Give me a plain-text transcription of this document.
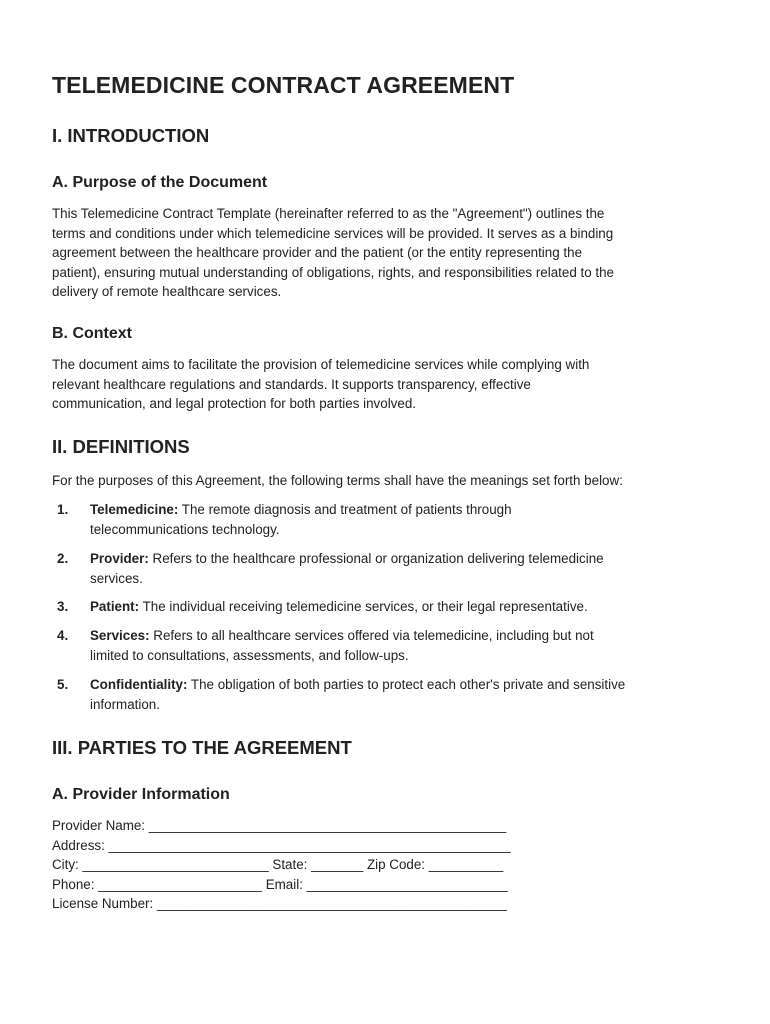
TELEMEDICINE CONTRACT AGREEMENT
I. INTRODUCTION
A. Purpose of the Document

This Telemedicine Contract Template (hereinafter referred to as the "Agreement") outlines the
terms and conditions under which telemedicine services will be provided. It serves as a binding
agreement between the healthcare provider and the patient (or the entity representing the
patient), ensuring mutual understanding of obligations, rights, and responsibilities related to the
delivery of remote healthcare services.

B. Context

The document aims to facilitate the provision of telemedicine services while complying with
relevant healthcare regulations and standards. It supports transparency, effective
communication, and legal protection for both parties involved.

II. DEFINITIONS

For the purposes of this Agreement, the following terms shall have the meanings set forth below:

1. Telemedicine: The remote diagnosis and treatment of patients through
telecommunications technology.
2. Provider: Refers to the healthcare professional or organization delivering telemedicine
services.
3. Patient: The individual receiving telemedicine services, or their legal representative.
4. Services: Refers to all healthcare services offered via telemedicine, including but not
limited to consultations, assessments, and follow-ups.
5. Confidentiality: The obligation of both parties to protect each other's private and sensitive
information.
III. PARTIES TO THE AGREEMENT
A. Provider Information
Provider Name: ________________________________________________
Address: ______________________________________________________
City: _________________________ State: _______ Zip Code: __________
Phone: ______________________ Email: ___________________________
License Number: _______________________________________________
